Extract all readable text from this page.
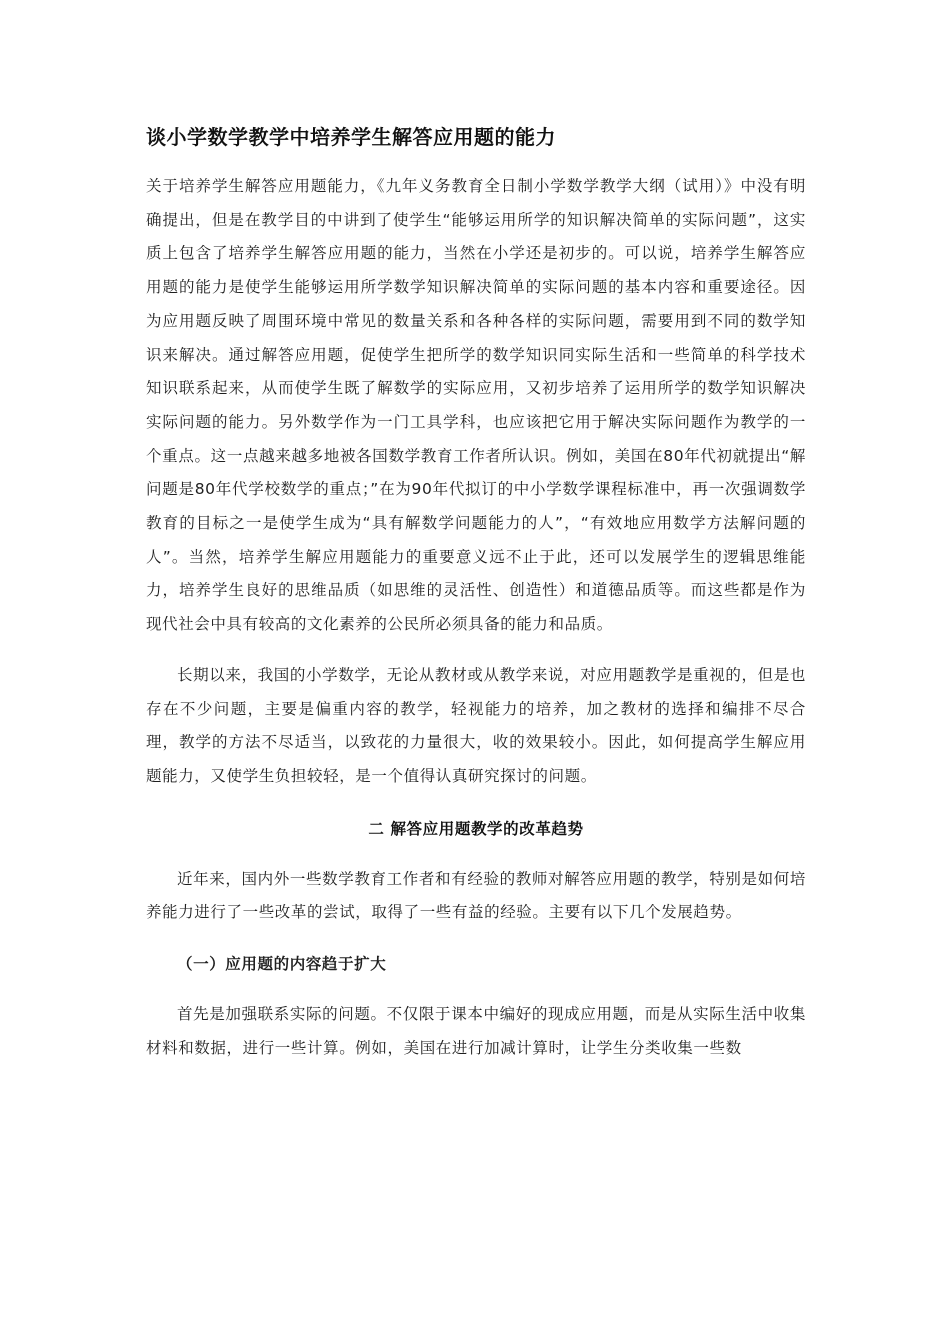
谈小学数学教学中培养学生解答应用题的能力

关于培养学生解答应用题能力，《九年义务教育全日制小学数学教学大纲（试用）》中没有明确提出，但是在教学目的中讲到了使学生“能够运用所学的知识解决简单的实际问题”，这实质上包含了培养学生解答应用题的能力，当然在小学还是初步的。可以说，培养学生解答应用题的能力是使学生能够运用所学数学知识解决简单的实际问题的基本内容和重要途径。因为应用题反映了周围环境中常见的数量关系和各种各样的实际问题，需要用到不同的数学知识来解决。通过解答应用题，促使学生把所学的数学知识同实际生活和一些简单的科学技术知识联系起来，从而使学生既了解数学的实际应用，又初步培养了运用所学的数学知识解决实际问题的能力。另外数学作为一门工具学科，也应该把它用于解决实际问题作为教学的一个重点。这一点越来越多地被各国数学教育工作者所认识。例如，美国在80年代初就提出“解问题是80年代学校数学的重点；”在为90年代拟订的中小学数学课程标准中，再一次强调数学教育的目标之一是使学生成为“具有解数学问题能力的人”，“有效地应用数学方法解问题的人”。当然，培养学生解应用题能力的重要意义远不止于此，还可以发展学生的逻辑思维能力，培养学生良好的思维品质（如思维的灵活性、创造性）和道德品质等。而这些都是作为现代社会中具有较高的文化素养的公民所必须具备的能力和品质。

长期以来，我国的小学数学，无论从教材或从教学来说，对应用题教学是重视的，但是也存在不少问题，主要是偏重内容的教学，轻视能力的培养，加之教材的选择和编排不尽合理，教学的方法不尽适当，以致花的力量很大，收的效果较小。因此，如何提高学生解应用题能力，又使学生负担较轻，是一个值得认真研究探讨的问题。

二 解答应用题教学的改革趋势

近年来，国内外一些数学教育工作者和有经验的教师对解答应用题的教学，特别是如何培养能力进行了一些改革的尝试，取得了一些有益的经验。主要有以下几个发展趋势。

（一）应用题的内容趋于扩大

首先是加强联系实际的问题。不仅限于课本中编好的现成应用题，而是从实际生活中收集材料和数据，进行一些计算。例如，美国在进行加减计算时，让学生分类收集一些数
